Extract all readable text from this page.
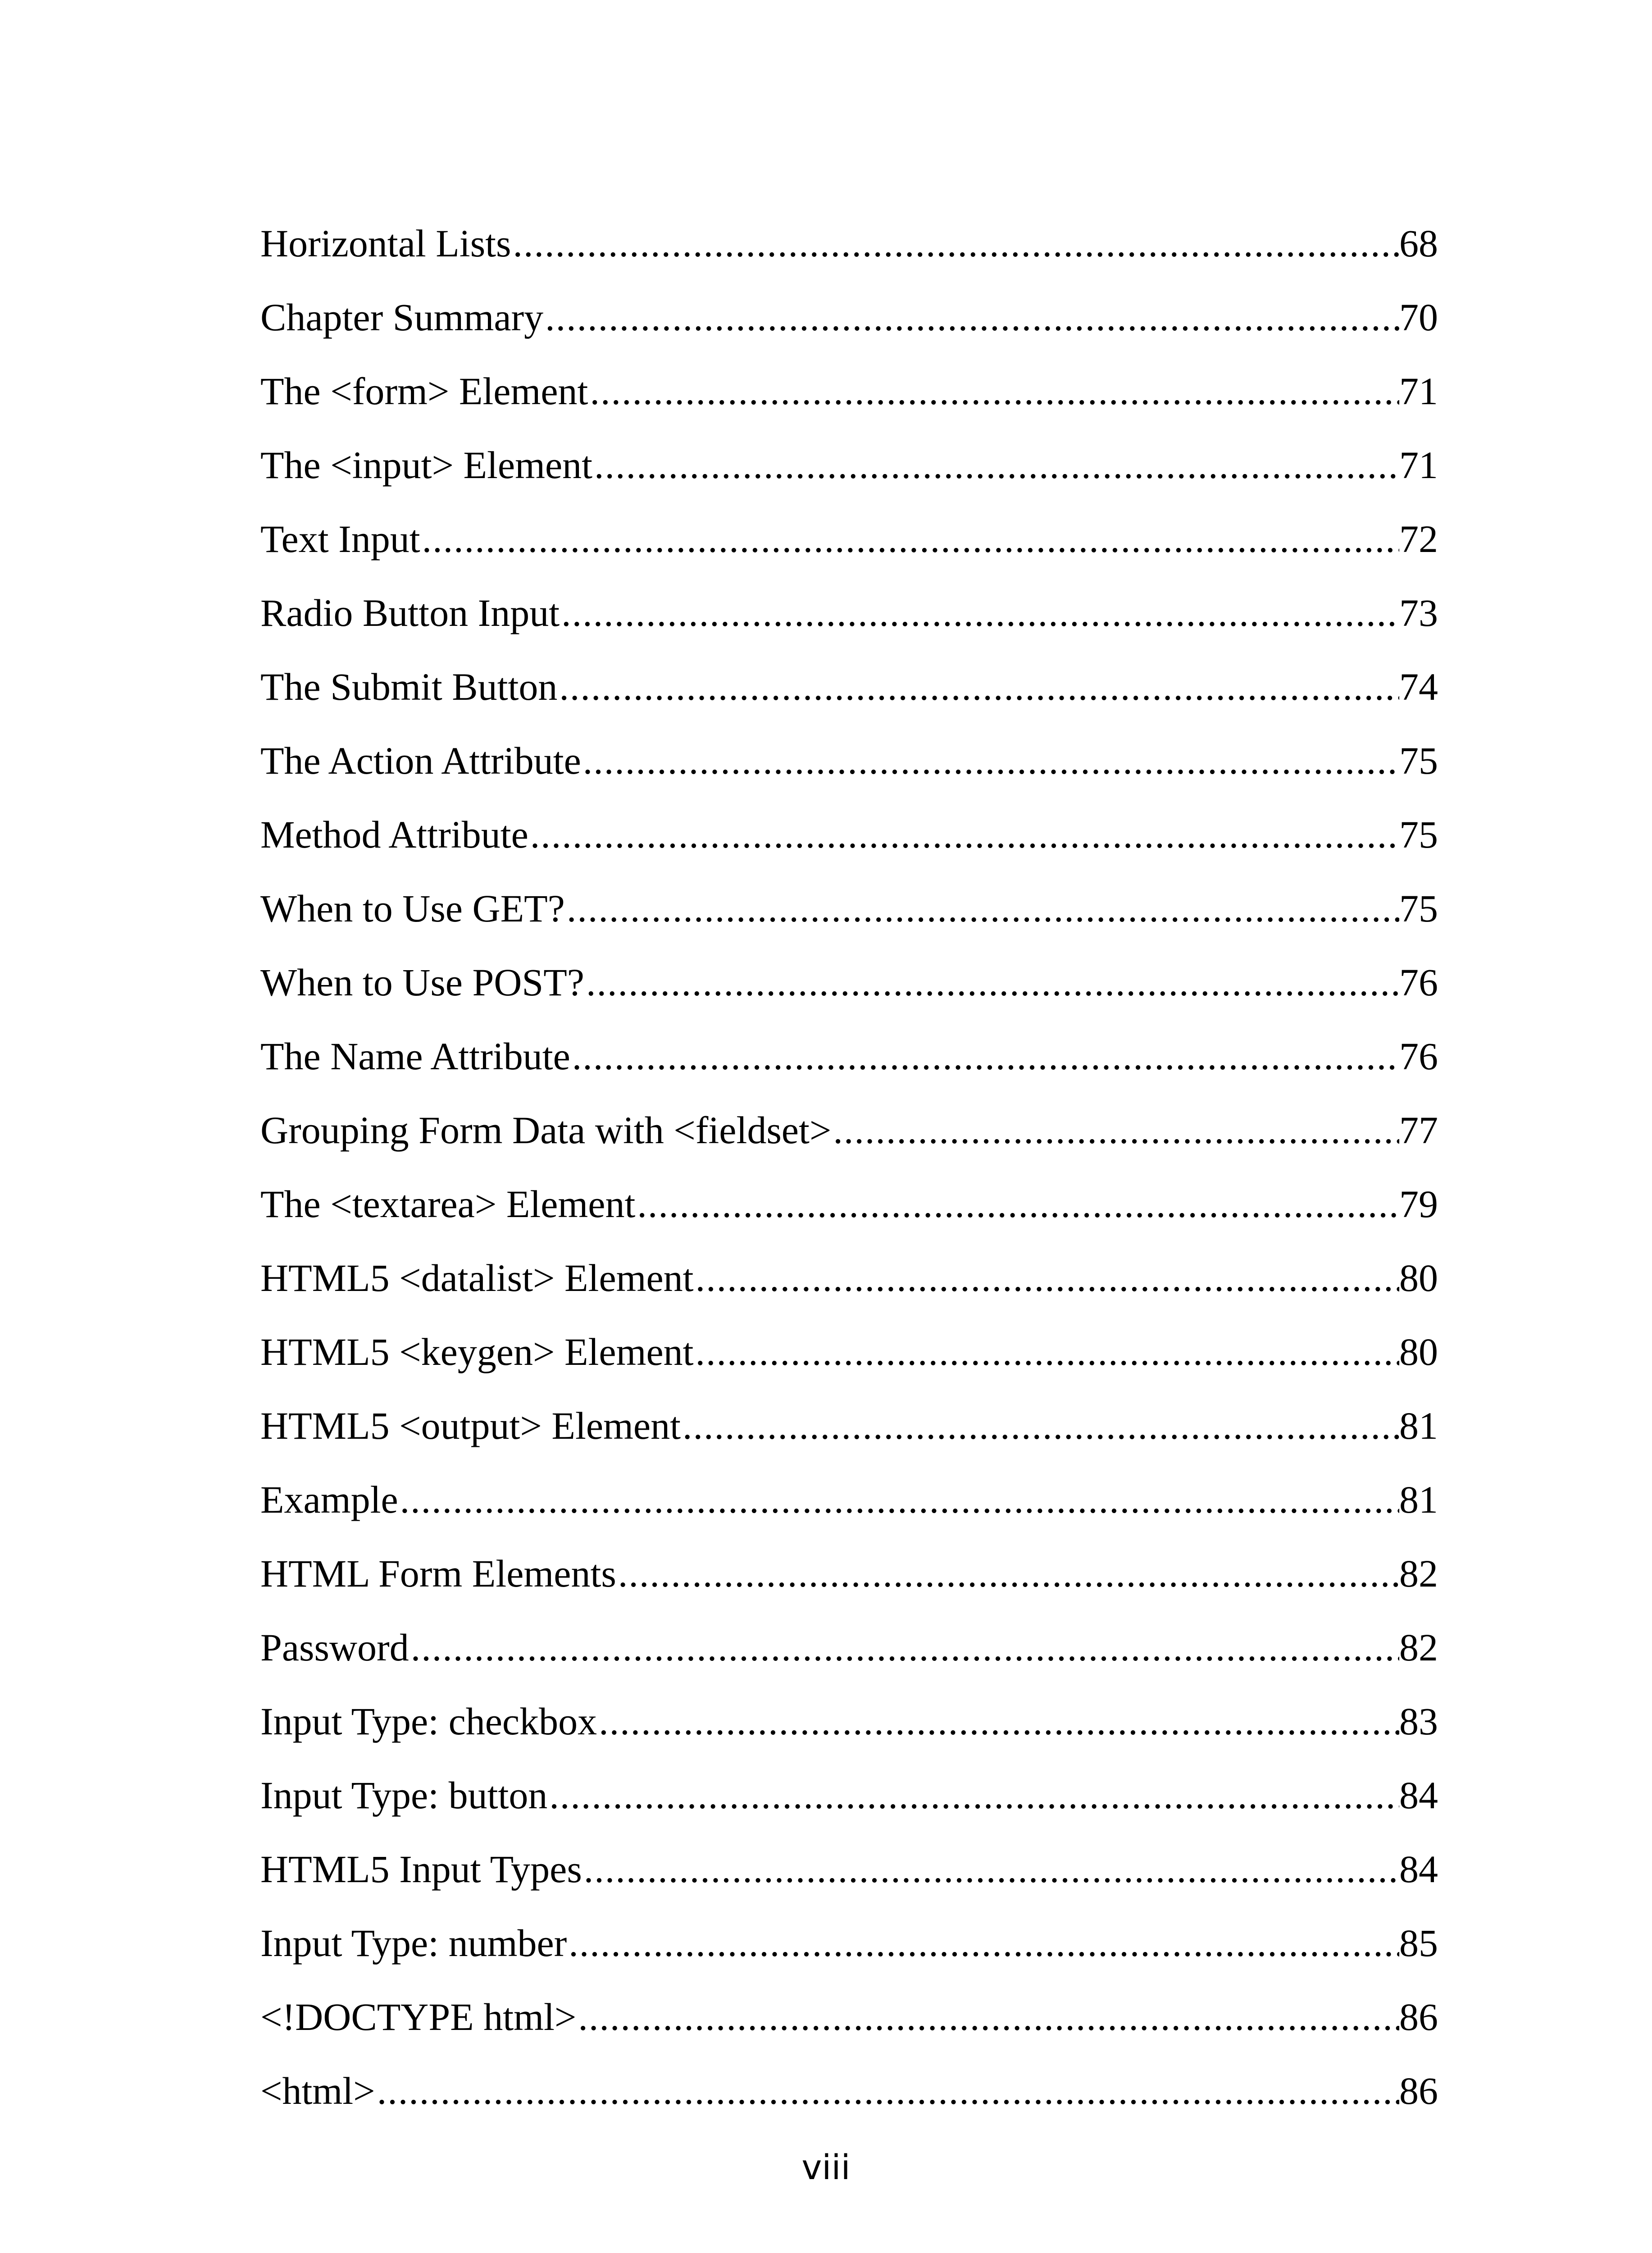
Horizontal Lists .....	68
Chapter Summary .....	70
The <form> Element .....	71
The <input> Element .....	71
Text Input .....	72
Radio Button Input .....	73
The Submit Button .....	74
The Action Attribute .....	75
Method Attribute .....	75
When to Use GET? .....	75
When to Use POST? .....	76
The Name Attribute .....	76
Grouping Form Data with <fieldset> .....	77
The <textarea> Element .....	79
HTML5 <datalist> Element .....	80
HTML5 <keygen> Element .....	80
HTML5 <output> Element .....	81
Example .....	81
HTML Form Elements .....	82
Password .....	82
Input Type: checkbox .....	83
Input Type: button .....	84
HTML5 Input Types .....	84
Input Type: number .....	85
<!DOCTYPE html> .....	86
<html> .....	86
viii
